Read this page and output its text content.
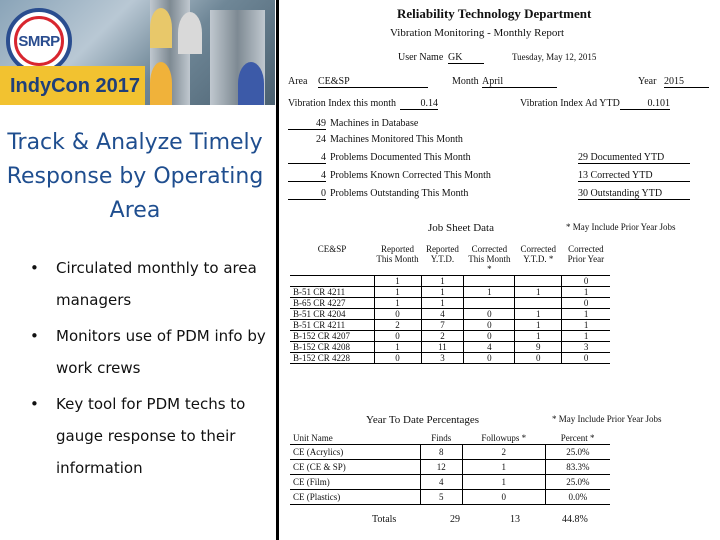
SMRP
IndyCon 2017
Track & Analyze Timely Response by Operating Area
• Circulated monthly to area managers
• Monitors use of PDM info by work crews
• Key tool for PDM techs to gauge response to their information
Reliability Technology Department
Vibration Monitoring - Monthly Report
User Name GK	Tuesday, May 12, 2015
Area CE&SP	Month April	Year 2015
Vibration Index this month	0.14	Vibration Index Ad YTD	0.101
49 Machines in Database
24 Machines Monitored This Month
4 Problems Documented This Month
4 Problems Known Corrected This Month
0 Problems Outstanding This Month
29 Documented YTD
13 Corrected YTD
30 Outstanding YTD
Job Sheet Data	* May Include Prior Year Jobs
CE&SP	Reported This Month	Reported Y.T.D.	Corrected This Month *	Corrected Y.T.D. *	Corrected Prior Year
	1	1			0
B-51 CR 4211	1	1	1	1	1
B-65 CR 4227	1	1			0
B-51 CR 4204	0	4	0	1	1
B-51 CR 4211	2	7	0	1	1
B-152 CR 4207	0	2	0	1	1
B-152 CR 4208	1	11	4	9	3
B-152 CR 4228	0	3	0	0	0
Year To Date Percentages	* May Include Prior Year Jobs
Unit Name	Finds	Followups *	Percent *
CE (Acrylics)	8	2	25.0%
CE (CE & SP)	12	1	83.3%
CE (Film)	4	1	25.0%
CE (Plastics)	5	0	0.0%
Totals	29	13	44.8%
